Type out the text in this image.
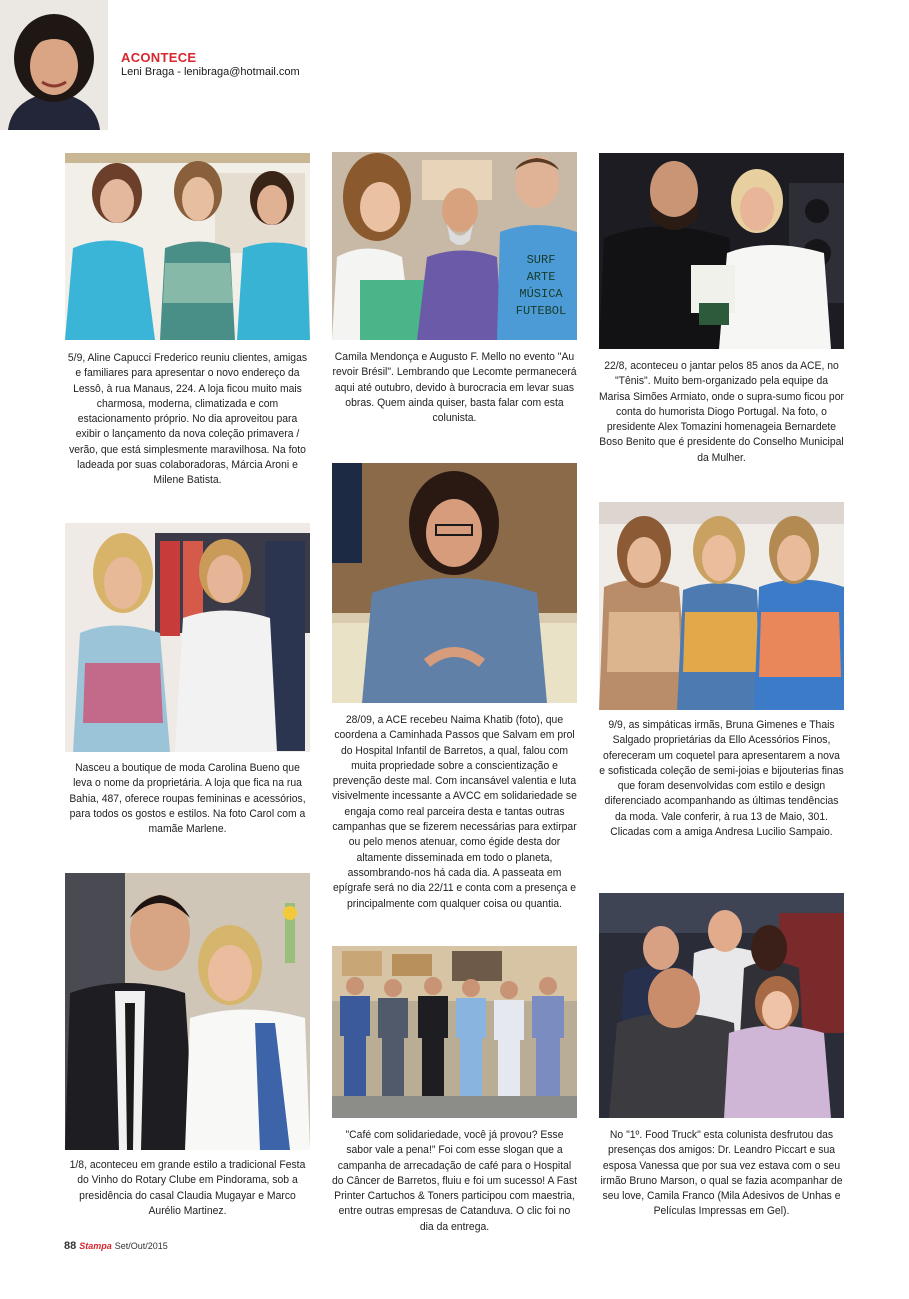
ACONTECE
Leni Braga - lenibraga@hotmail.com
SURF
ARTE
MÚSICA
FUTEBOL
5/9, Aline Capucci Frederico reuniu clientes, amigas e familiares para apresentar o novo endereço da Lessô, à rua Manaus, 224. A loja ficou muito mais charmosa, moderna, climatizada e com estacionamento próprio. No dia aproveitou para exibir o lançamento da nova coleção primavera / verão, que está simplesmente maravilhosa. Na foto ladeada por suas colaboradoras, Márcia Aroni e Milene Batista.
Camila Mendonça e Augusto F. Mello no evento "Au revoir Brésil". Lembrando que Lecomte permanecerá aqui até outubro, devido à burocracia em levar suas obras. Quem ainda quiser, basta falar com esta colunista.
22/8, aconteceu o jantar pelos 85 anos da ACE, no "Tênis". Muito bem-organizado pela equipe da Marisa Simões Armiato, onde o supra-sumo ficou por conta do humorista Diogo Portugal. Na foto, o presidente Alex Tomazini homenageia Bernardete Boso Benito que é presidente do Conselho Municipal da Mulher.
Nasceu a boutique de moda Carolina Bueno que leva o nome da proprietária. A loja que fica na rua Bahia, 487, oferece roupas femininas e acessórios, para todos os gostos e estilos. Na foto Carol com a mamãe Marlene.
28/09, a ACE recebeu Naima Khatib (foto), que coordena a Caminhada Passos que Salvam em prol do Hospital Infantil de Barretos, a qual, falou com muita propriedade sobre a conscientização e prevenção deste mal. Com incansável valentia e luta visivelmente incessante a AVCC em solidariedade se engaja como real parceira desta e tantas outras campanhas que se fizerem necessárias para extirpar ou pelo menos atenuar, como égide desta dor altamente disseminada em todo o planeta, assombrando-nos há cada dia. A passeata em epígrafe será no dia 22/11 e conta com a presença e principalmente com qualquer coisa ou quantia.
9/9, as simpáticas irmãs, Bruna Gimenes e Thais Salgado proprietárias da Ello Acessórios Finos, ofereceram um coquetel para apresentarem a nova e sofisticada coleção de semi-joias e bijouterias finas que foram desenvolvidas com estilo e design diferenciado acompanhando as últimas tendências da moda. Vale conferir, à rua 13 de Maio, 301. Clicadas com a amiga Andresa Lucilio Sampaio.
1/8, aconteceu em grande estilo a tradicional Festa do Vinho do Rotary Clube em Pindorama, sob a presidência do casal Claudia Mugayar e Marco Aurélio Martinez.
"Café com solidariedade, você já provou? Esse sabor vale a pena!" Foi com esse slogan que a campanha de arrecadação de café para o Hospital do Câncer de Barretos, fluiu e foi um sucesso! A Fast Printer Cartuchos & Toners participou com maestria, entre outras empresas de Catanduva. O clic foi no dia da entrega.
No "1º. Food Truck" esta colunista desfrutou das presenças dos amigos: Dr. Leandro Piccart e sua esposa Vanessa que por sua vez estava com o seu irmão Bruno Marson, o qual se fazia acompanhar de seu love, Camila Franco (Mila Adesivos de Unhas e Películas Impressas em Gel).
88 Stampa Set/Out/2015
